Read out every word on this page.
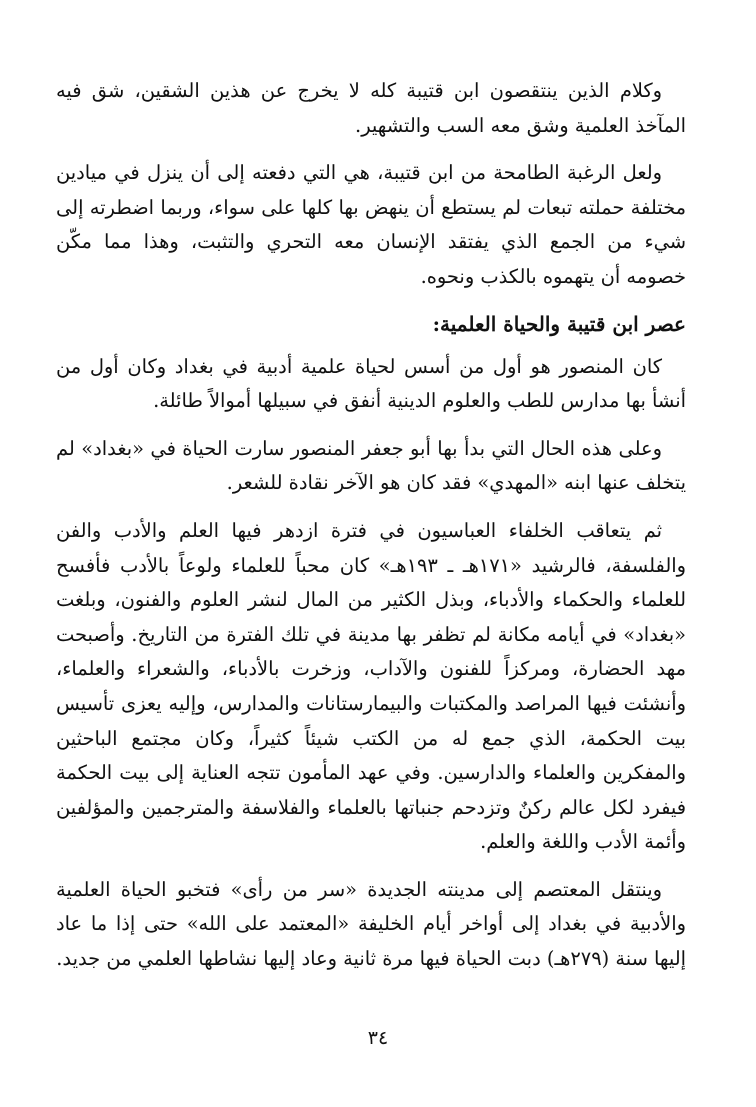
وكلام الذين ينتقصون ابن قتيبة كله لا يخرج عن هذين الشقين، شق فيه المآخذ العلمية وشق معه السب والتشهير.

ولعل الرغبة الطامحة من ابن قتيبة، هي التي دفعته إلى أن ينزل في ميادين مختلفة حملته تبعات لم يستطع أن ينهض بها كلها على سواء، وربما اضطرته إلى شيء من الجمع الذي يفتقد الإنسان معه التحري والتثبت، وهذا مما مكّن خصومه أن يتهموه بالكذب ونحوه.

عصر ابن قتيبة والحياة العلمية:

كان المنصور هو أول من أسس لحياة علمية أدبية في بغداد وكان أول من أنشأ بها مدارس للطب والعلوم الدينية أنفق في سبيلها أموالاً طائلة.

وعلى هذه الحال التي بدأ بها أبو جعفر المنصور سارت الحياة في «بغداد» لم يتخلف عنها ابنه «المهدي» فقد كان هو الآخر نقادة للشعر.

ثم يتعاقب الخلفاء العباسيون في فترة ازدهر فيها العلم والأدب والفن والفلسفة، فالرشيد «١٧١هـ ـ ١٩٣هـ» كان محباً للعلماء ولوعاً بالأدب فأفسح للعلماء والحكماء والأدباء، وبذل الكثير من المال لنشر العلوم والفنون، وبلغت «بغداد» في أيامه مكانة لم تظفر بها مدينة في تلك الفترة من التاريخ. وأصبحت مهد الحضارة، ومركزاً للفنون والآداب، وزخرت بالأدباء، والشعراء والعلماء، وأنشئت فيها المراصد والمكتبات والبيمارستانات والمدارس، وإليه يعزى تأسيس بيت الحكمة، الذي جمع له من الكتب شيئاً كثيراً، وكان مجتمع الباحثين والمفكرين والعلماء والدارسين. وفي عهد المأمون تتجه العناية إلى بيت الحكمة فيفرد لكل عالم ركنٌ وتزدحم جنباتها بالعلماء والفلاسفة والمترجمين والمؤلفين وأئمة الأدب واللغة والعلم.

وينتقل المعتصم إلى مدينته الجديدة «سر من رأى» فتخبو الحياة العلمية والأدبية في بغداد إلى أواخر أيام الخليفة «المعتمد على الله» حتى إذا ما عاد إليها سنة (٢٧٩هـ) دبت الحياة فيها مرة ثانية وعاد إليها نشاطها العلمي من جديد.

٣٤
